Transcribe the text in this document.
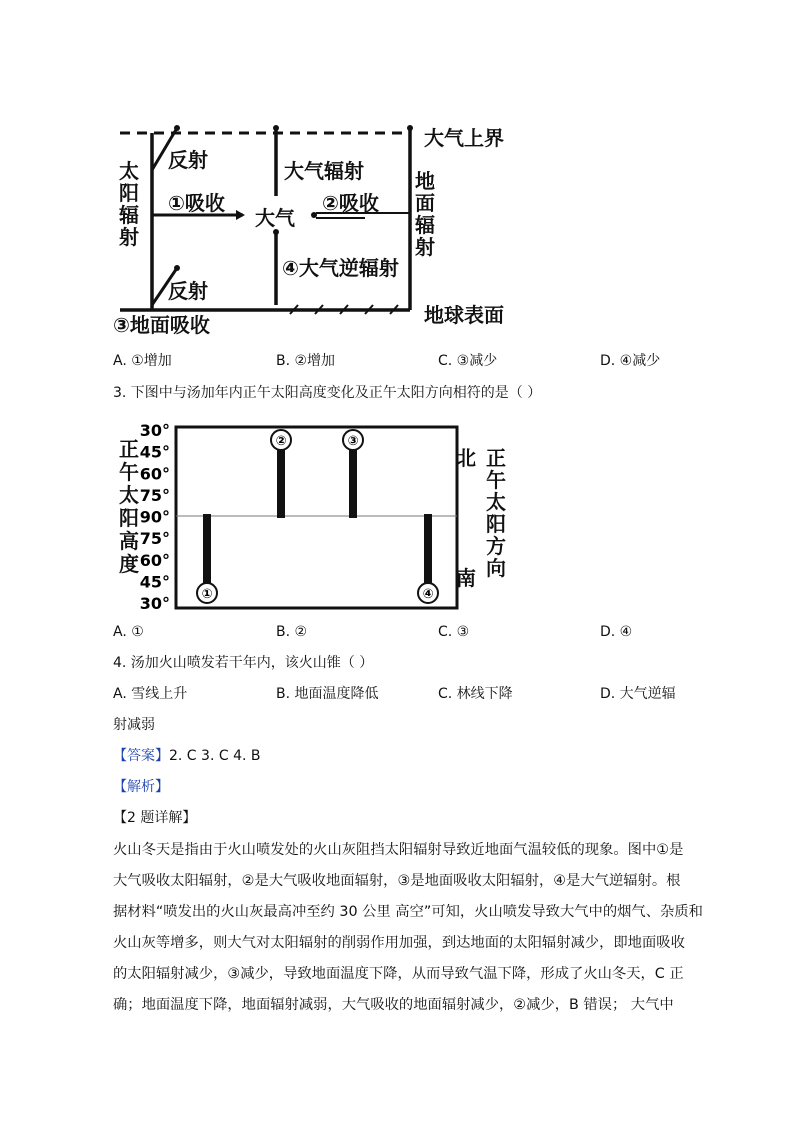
太阳辐射
反射
①吸收
大气辐射
大气
②吸收
大气上界
地面辐射
④大气逆辐射
反射
③地面吸收	地球表面
A. ①增加	B. ②增加	C. ③减少	D. ④减少
3. 下图中与汤加年内正午太阳高度变化及正午太阳方向相符的是（ ）
正午太阳高度
30°
45°
60°
75°
90°
75°
60°
45°
30° ①
②	③
④
北
南
正午太阳方向
A. ①	B. ②	C. ③	D. ④
4. 汤加火山喷发若干年内，该火山锥（ ）
A. 雪线上升	B. 地面温度降低	C. 林线下降	D. 大气逆辐
射减弱
【答案】2. C 3. C 4. B
【解析】
【2 题详解】
火山冬天是指由于火山喷发处的火山灰阻挡太阳辐射导致近地面气温较低的现象。图中①是
大气吸收太阳辐射，②是大气吸收地面辐射，③是地面吸收太阳辐射，④是大气逆辐射。根
据材料“喷发出的火山灰最高冲至约 30 公里 高空”可知，火山喷发导致大气中的烟气、杂质和
火山灰等增多，则大气对太阳辐射的削弱作用加强，到达地面的太阳辐射减少，即地面吸收
的太阳辐射减少，③减少，导致地面温度下降，从而导致气温下降，形成了火山冬天，C 正
确；地面温度下降，地面辐射减弱，大气吸收的地面辐射减少，②减少，B 错误； 大气中
